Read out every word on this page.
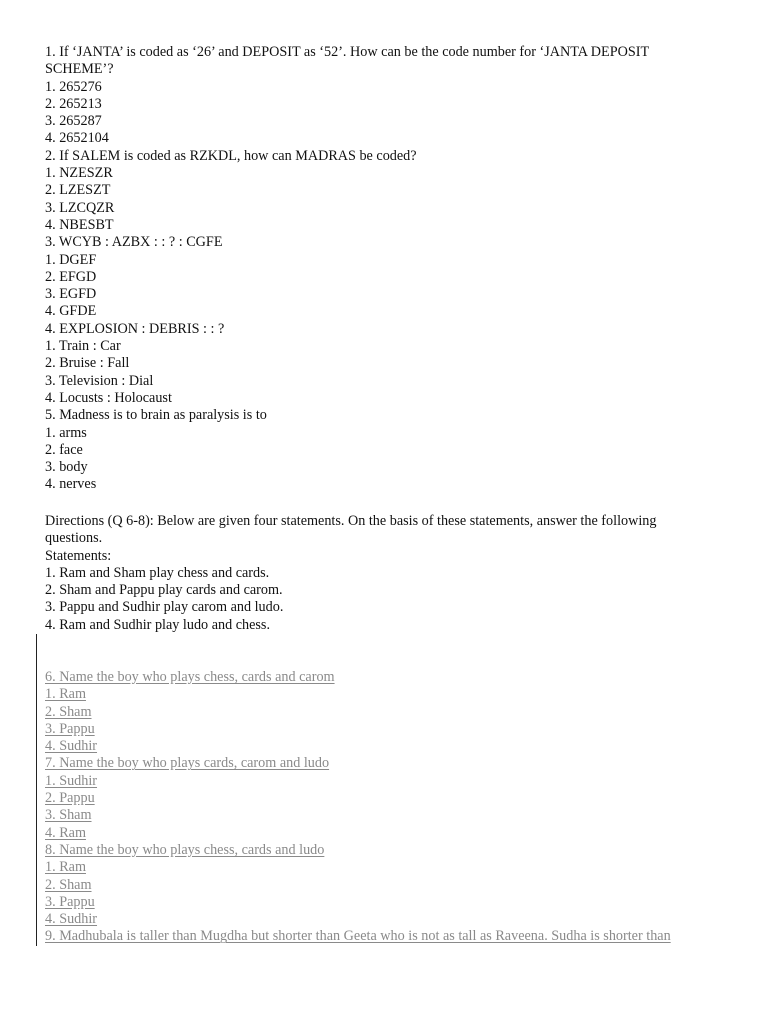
1. If ‘JANTA’ is coded as ‘26’ and DEPOSIT as ‘52’. How can be the code number for ‘JANTA DEPOSIT
SCHEME’?
1. 265276
2. 265213
3. 265287
4. 2652104
2. If SALEM is coded as RZKDL, how can MADRAS be coded?
1. NZESZR
2. LZESZT
3. LZCQZR
4. NBESBT
3. WCYB : AZBX : : ? : CGFE
1. DGEF
2. EFGD
3. EGFD
4. GFDE
4. EXPLOSION : DEBRIS : : ?
1. Train : Car
2. Bruise : Fall
3. Television : Dial
4. Locusts : Holocaust
5. Madness is to brain as paralysis is to
1. arms
2. face
3. body
4. nerves
Directions (Q 6-8): Below are given four statements. On the basis of these statements, answer the following
questions.
Statements:
1. Ram and Sham play chess and cards.
2. Sham and Pappu play cards and carom.
3. Pappu and Sudhir play carom and ludo.
4. Ram and Sudhir play ludo and chess.
6. Name the boy who plays chess, cards and carom
1. Ram
2. Sham
3. Pappu
4. Sudhir
7. Name the boy who plays cards, carom and ludo
1. Sudhir
2. Pappu
3. Sham
4. Ram
8. Name the boy who plays chess, cards and ludo
1. Ram
2. Sham
3. Pappu
4. Sudhir
9. Madhubala is taller than Mugdha but shorter than Geeta who is not as tall as Raveena. Sudha is shorter than
